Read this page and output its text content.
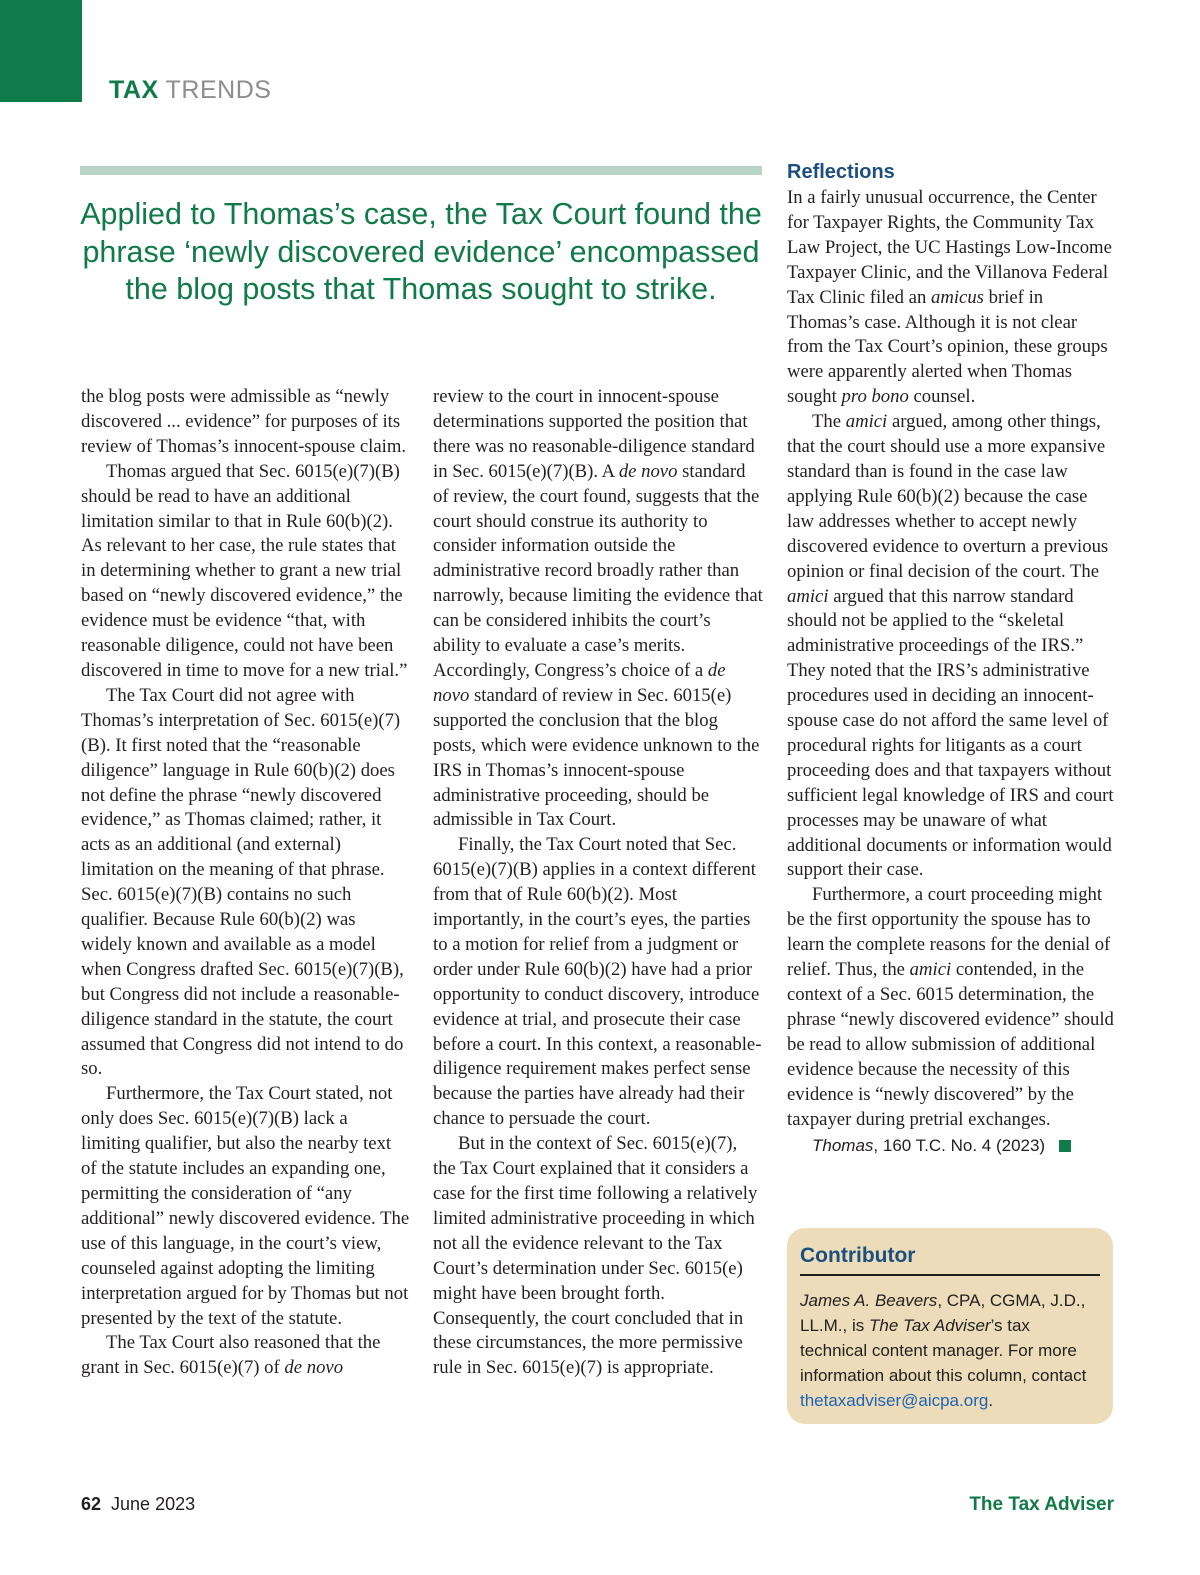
TAX TRENDS
Applied to Thomas’s case, the Tax Court found the phrase ‘newly discovered evidence’ encompassed the blog posts that Thomas sought to strike.

the blog posts were admissible as “newly discovered ... evidence” for purposes of its review of Thomas’s innocent-spouse claim.

Thomas argued that Sec. 6015(e)(7)(B) should be read to have an additional limitation similar to that in Rule 60(b)(2). As relevant to her case, the rule states that in determining whether to grant a new trial based on “newly discovered evidence,” the evidence must be evidence “that, with reasonable diligence, could not have been discovered in time to move for a new trial.”

The Tax Court did not agree with Thomas’s interpretation of Sec. 6015(e)(7)(B). It first noted that the “reasonable diligence” language in Rule 60(b)(2) does not define the phrase “newly discovered evidence,” as Thomas claimed; rather, it acts as an additional (and external) limitation on the meaning of that phrase. Sec. 6015(e)(7)(B) contains no such qualifier. Because Rule 60(b)(2) was widely known and available as a model when Congress drafted Sec. 6015(e)(7)(B), but Congress did not include a reasonable-diligence standard in the statute, the court assumed that Congress did not intend to do so.

Furthermore, the Tax Court stated, not only does Sec. 6015(e)(7)(B) lack a limiting qualifier, but also the nearby text of the statute includes an expanding one, permitting the consideration of “any additional” newly discovered evidence. The use of this language, in the court’s view, counseled against adopting the limiting interpretation argued for by Thomas but not presented by the text of the statute.

The Tax Court also reasoned that the grant in Sec. 6015(e)(7) of de novo

review to the court in innocent-spouse determinations supported the position that there was no reasonable-diligence standard in Sec. 6015(e)(7)(B). A de novo standard of review, the court found, suggests that the court should construe its authority to consider information outside the administrative record broadly rather than narrowly, because limiting the evidence that can be considered inhibits the court’s ability to evaluate a case’s merits. Accordingly, Congress’s choice of a de novo standard of review in Sec. 6015(e) supported the conclusion that the blog posts, which were evidence unknown to the IRS in Thomas’s innocent-spouse administrative proceeding, should be admissible in Tax Court.

Finally, the Tax Court noted that Sec. 6015(e)(7)(B) applies in a context different from that of Rule 60(b)(2). Most importantly, in the court’s eyes, the parties to a motion for relief from a judgment or order under Rule 60(b)(2) have had a prior opportunity to conduct discovery, introduce evidence at trial, and prosecute their case before a court. In this context, a reasonable-diligence requirement makes perfect sense because the parties have already had their chance to persuade the court.

But in the context of Sec. 6015(e)(7), the Tax Court explained that it considers a case for the first time following a relatively limited administrative proceeding in which not all the evidence relevant to the Tax Court’s determination under Sec. 6015(e) might have been brought forth. Consequently, the court concluded that in these circumstances, the more permissive rule in Sec. 6015(e)(7) is appropriate.

Reflections

In a fairly unusual occurrence, the Center for Taxpayer Rights, the Community Tax Law Project, the UC Hastings Low-Income Taxpayer Clinic, and the Villanova Federal Tax Clinic filed an amicus brief in Thomas’s case. Although it is not clear from the Tax Court’s opinion, these groups were apparently alerted when Thomas sought pro bono counsel.

The amici argued, among other things, that the court should use a more expansive standard than is found in the case law applying Rule 60(b)(2) because the case law addresses whether to accept newly discovered evidence to overturn a previous opinion or final decision of the court. The amici argued that this narrow standard should not be applied to the “skeletal administrative proceedings of the IRS.” They noted that the IRS’s administrative procedures used in deciding an innocent-spouse case do not afford the same level of procedural rights for litigants as a court proceeding does and that taxpayers without sufficient legal knowledge of IRS and court processes may be unaware of what additional documents or information would support their case.

Furthermore, a court proceeding might be the first opportunity the spouse has to learn the complete reasons for the denial of relief. Thus, the amici contended, in the context of a Sec. 6015 determination, the phrase “newly discovered evidence” should be read to allow submission of additional evidence because the necessity of this evidence is “newly discovered” by the taxpayer during pretrial exchanges.

Thomas, 160 T.C. No. 4 (2023)
Contributor
James A. Beavers, CPA, CGMA, J.D., LL.M., is The Tax Adviser’s tax technical content manager. For more information about this column, contact thetaxadviser@aicpa.org.
62 June 2023	The Tax Adviser
